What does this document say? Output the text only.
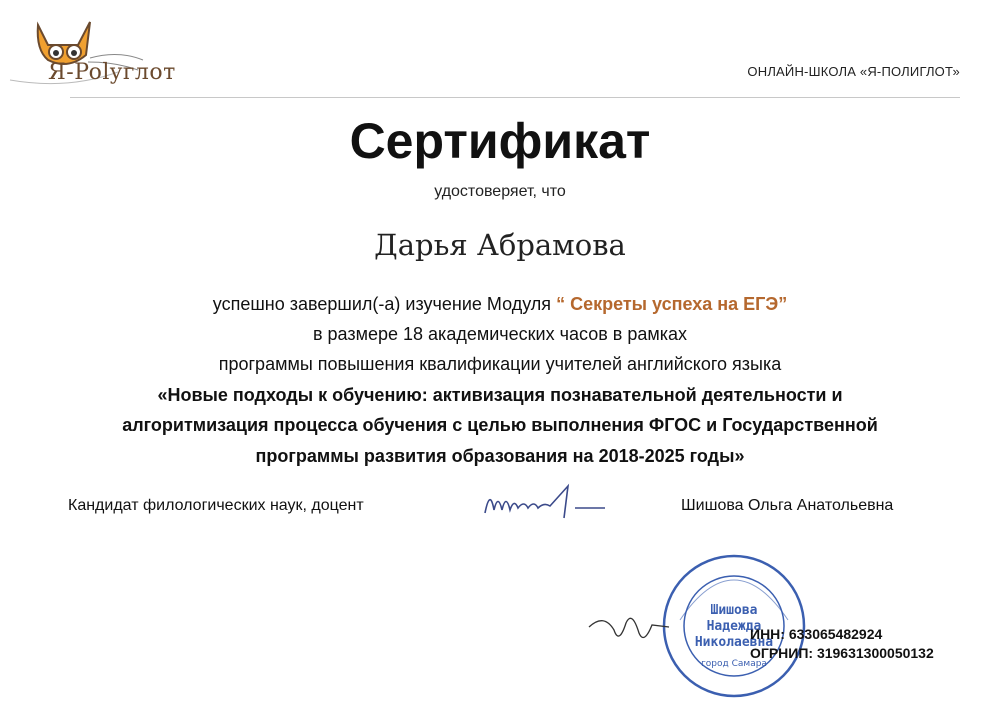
Я-Polyглот	ОНЛАЙН-ШКОЛА «Я-ПОЛИГЛОТ»
Сертификат
удостоверяет, что
Дарья Абрамова
успешно завершил(-а) изучение Модуля “ Секреты успеха на ЕГЭ”
в размере 18 академических часов в рамках
программы повышения квалификации учителей английского языка
«Новые подходы к обучению: активизация познавательной деятельности и
алгоритмизация процесса обучения с целью выполнения ФГОС и Государственной
программы развития образования на 2018-2025 годы»
Кандидат филологических наук, доцент	Шишова Ольга Анатольевна
Шишова
Надежда
Николаевна
город Самара
ИНН: 633065482924
ОГРНИП: 319631300050132
